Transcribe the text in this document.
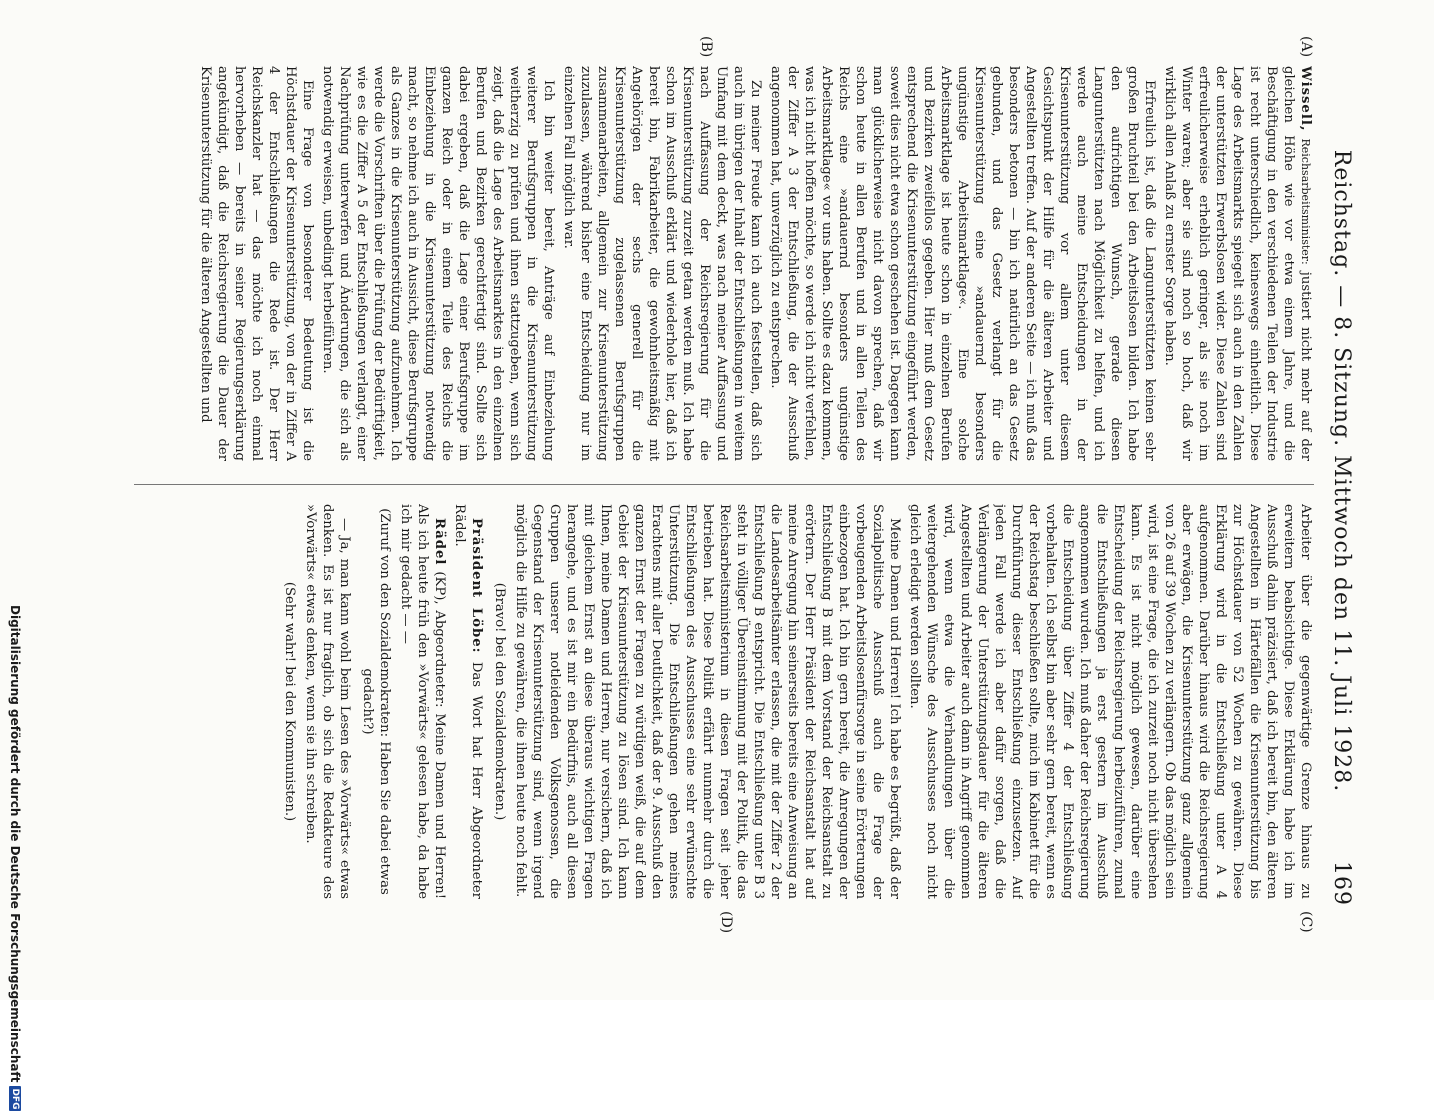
Reichstag. — 8. Sitzung. Mittwoch den 11. Juli 1928.
169
(A)
(B)
(C)
(D)

Wissell, Reichsarbeitsminister: justiert nicht mehr auf der gleichen Höhe wie vor etwa einem Jahre, und die Beschäftigung in den verschiedenen Teilen der Industrie ist recht unterschiedlich, keineswegs einheitlich. Diese Lage des Arbeitsmarkts spiegelt sich auch in den Zahlen der unterstützten Erwerbslosen wider. Diese Zahlen sind erfreulicherweise erheblich geringer, als sie noch im Winter waren; aber sie sind noch so hoch, daß wir wirklich allen Anlaß zu ernster Sorge haben.

Erfreulich ist, daß die Langunterstützten keinen sehr großen Bruchteil bei den Arbeitslosen bilden. Ich habe den aufrichtigen Wunsch, gerade diesen Langunterstützten nach Möglichkeit zu helfen, und ich werde auch meine Entscheidungen in der Krisenunterstützung vor allem unter diesem Gesichtspunkt der Hilfe für die älteren Arbeiter und Angestellten treffen. Auf der anderen Seite — ich muß das besonders betonen — bin ich natürlich an das Gesetz gebunden, und das Gesetz verlangt für die Krisenunterstützung eine »andauernd besonders ungünstige Arbeitsmarktlage«. Eine solche Arbeitsmarktlage ist heute schon in einzelnen Berufen und Bezirken zweifellos gegeben. Hier muß dem Gesetz entsprechend die Krisenunterstützung eingeführt werden, soweit dies nicht etwa schon geschehen ist. Dagegen kann man glücklicherweise nicht davon sprechen, daß wir schon heute in allen Berufen und in allen Teilen des Reichs eine »andauernd besonders ungünstige Arbeitsmarktlage« vor uns haben. Sollte es dazu kommen, was ich nicht hoffen möchte, so werde ich nicht verfehlen, der Ziffer A 3 der Entschließung, die der Ausschuß angenommen hat, unverzüglich zu entsprechen.

Zu meiner Freude kann ich auch feststellen, daß sich auch im übrigen der Inhalt der Entschließungen in weitem Umfang mit dem deckt, was nach meiner Auffassung und nach Auffassung der Reichsregierung für die Krisenunterstützung zurzeit getan werden muß. Ich habe schon im Ausschuß erklärt und wiederhole hier, daß ich bereit bin, Fabrikarbeiter, die gewohnheitsmäßig mit Angehörigen der sechs generell für die Krisenunterstützung zugelassenen Berufsgruppen zusammenarbeiten, allgemein zur Krisenunterstützung zuzulassen, während bisher eine Entscheidung nur im einzelnen Fall möglich war.

Ich bin weiter bereit, Anträge auf Einbeziehung weiterer Berufsgruppen in die Krisenunterstützung weitherzig zu prüfen und ihnen stattzugeben, wenn sich zeigt, daß die Lage des Arbeitsmarktes in den einzelnen Berufen und Bezirken gerechtfertigt sind. Sollte sich dabei ergeben, daß die Lage einer Berufsgruppe im ganzen Reich oder in einem Teile des Reichs die Einbeziehung in die Krisenunterstützung notwendig macht, so nehme ich auch in Aussicht, diese Berufsgruppe als Ganzes in die Krisenunterstützung aufzunehmen. Ich werde die Vorschriften über die Prüfung der Bedürftigkeit, wie es die Ziffer A 5 der Entschließungen verlangt, einer Nachprüfung unterwerfen und Änderungen, die sich als notwendig erweisen, unbedingt herbeiführen.

Eine Frage von besonderer Bedeutung ist die Höchstdauer der Krisenunterstützung, von der in Ziffer A 4 der Entschließungen die Rede ist. Der Herr Reichskanzler hat — das möchte ich noch einmal hervorheben — bereits in seiner Regierungserklärung angekündigt, daß die Reichsregierung die Dauer der Krisenunterstützung für die älteren Angestellten und

Arbeiter über die gegenwärtige Grenze hinaus zu erweitern beabsichtige. Diese Erklärung habe ich im Ausschuß dahin präzisiert, daß ich bereit bin, den älteren Angestellten in Härtefällen die Krisenunterstützung bis zur Höchstdauer von 52 Wochen zu gewähren. Diese Erklärung wird in die Entschließung unter A 4 aufgenommen. Darüber hinaus wird die Reichsregierung aber erwägen, die Krisenunterstützung ganz allgemein von 26 auf 39 Wochen zu verlängern. Ob das möglich sein wird, ist eine Frage, die ich zurzeit noch nicht übersehen kann. Es ist nicht möglich gewesen, darüber eine Entscheidung der Reichsregierung herbeizuführen, zumal die Entschließungen ja erst gestern im Ausschuß angenommen wurden. Ich muß daher der Reichsregierung die Entscheidung über Ziffer 4 der Entschließung vorbehalten. Ich selbst bin aber sehr gern bereit, wenn es der Reichstag beschließen sollte, mich im Kabinett für die Durchführung dieser Entschließung einzusetzen. Auf jeden Fall werde ich aber dafür sorgen, daß die Verlängerung der Unterstützungsdauer für die älteren Angestellten und Arbeiter auch dann in Angriff genommen wird, wenn etwa die Verhandlungen über die weitergehenden Wünsche des Ausschusses noch nicht gleich erledigt werden sollten.

Meine Damen und Herren! Ich habe es begrüßt, daß der Sozialpolitische Ausschuß auch die Frage der vorbeugenden Arbeitslosenfürsorge in seine Erörterungen einbezogen hat. Ich bin gern bereit, die Anregungen der Entschließung B mit dem Vorstand der Reichsanstalt zu erörtern. Der Herr Präsident der Reichsanstalt hat auf meine Anregung hin seinerseits bereits eine Anweisung an die Landesarbeitsämter erlassen, die mit der Ziffer 2 der Entschließung B entspricht. Die Entschließung unter B 3 steht in völliger Übereinstimmung mit der Politik, die das Reichsarbeitsministerium in diesen Fragen seit jeher betrieben hat. Diese Politik erfährt nunmehr durch die Entschließungen des Ausschusses eine sehr erwünschte Unterstützung. Die Entschließungen gehen meines Erachtens mit aller Deutlichkeit, daß der 9. Ausschuß den ganzen Ernst der Fragen zu würdigen weiß, die auf dem Gebiet der Krisenunterstützung zu lösen sind. Ich kann Ihnen, meine Damen und Herren, nur versichern, daß ich mit gleichem Ernst an diese überaus wichtigen Fragen herangehe, und es ist mir ein Bedürfnis, auch all diesen Gruppen unserer notleidenden Volksgenossen, die Gegenstand der Krisenunterstützung sind, wenn irgend möglich die Hilfe zu gewähren, die ihnen heute noch fehlt.

(Bravo! bei den Sozialdemokraten.)

Präsident Löbe: Das Wort hat Herr Abgeordneter Rädel.

Rädel (KP), Abgeordneter: Meine Damen und Herren! Als ich heute früh den »Vorwärts« gelesen habe, da habe ich mir gedacht — —

(Zuruf von den Sozialdemokraten: Haben Sie dabei etwas gedacht?)

— Ja, man kann wohl beim Lesen des »Vorwärts« etwas denken. Es ist nur fraglich, ob sich die Redakteure des »Vorwärts« etwas denken, wenn sie ihn schreiben.

(Sehr wahr! bei den Kommunisten.)

Digitalisierung gefördert durch die Deutsche Forschungsgemeinschaft
DFG
